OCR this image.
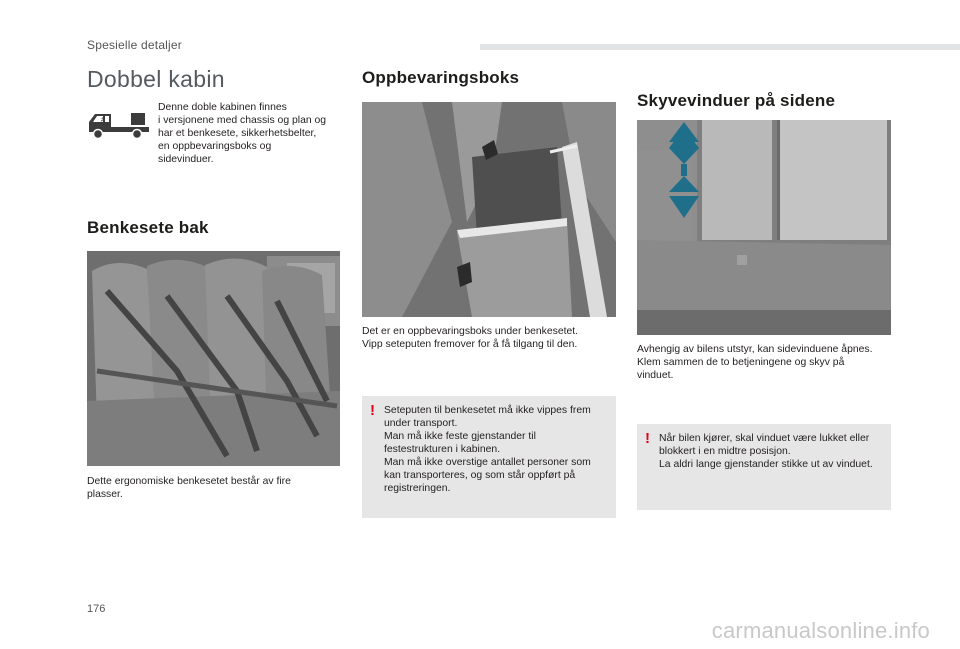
Spesielle detaljer
Dobbel kabin
#
Denne doble kabinen finnes
i versjonene med chassis og plan og
har et benkesete, sikkerhetsbelter,
en oppbevaringsboks og
sidevinduer.
Benkesete bak
Dette ergonomiske benkesetet består av fire
plasser.
Oppbevaringsboks
Det er en oppbevaringsboks under benkesetet.
Vipp seteputen fremover for å få tilgang til den.
! Seteputen til benkesetet må ikke vippes frem
under transport.
Man må ikke feste gjenstander til
festestrukturen i kabinen.
Man må ikke overstige antallet personer som
kan transporteres, og som står oppført på
registreringen.
Skyvevinduer på sidene
Avhengig av bilens utstyr, kan sidevinduene åpnes.
Klem sammen de to betjeningene og skyv på
vinduet.
! Når bilen kjører, skal vinduet være lukket eller
blokkert i en midtre posisjon.
La aldri lange gjenstander stikke ut av vinduet.
176
carmanualsonline.info
